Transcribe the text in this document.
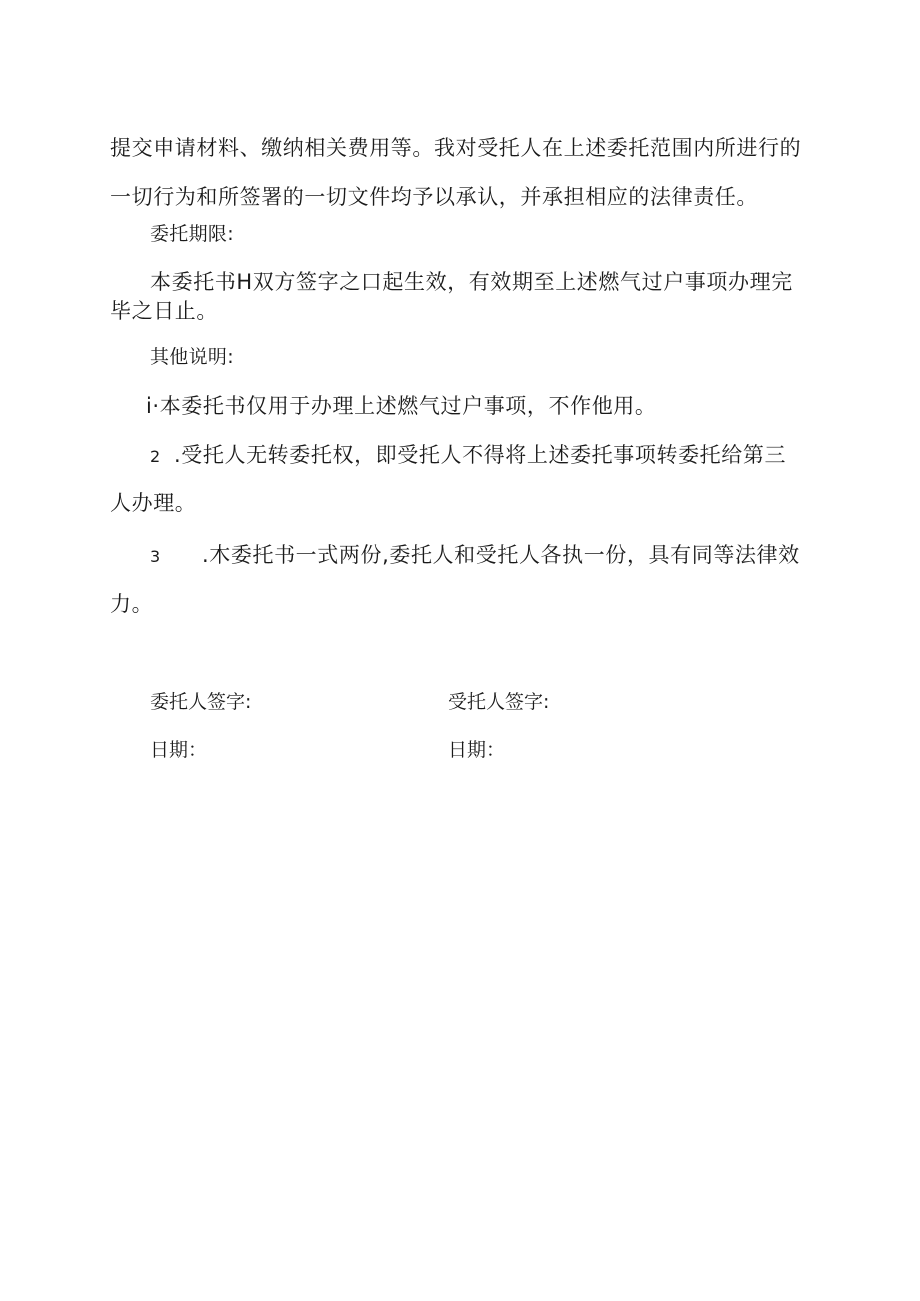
提交申请材料、缴纳相关费用等。我对受托人在上述委托范围内所进行的
一切行为和所签署的一切文件均予以承认，并承担相应的法律责任。
委托期限:
本委托书H双方签字之口起生效，有效期至上述燃气过户事项办理完
毕之日止。
其他说明:
i·本委托书仅用于办理上述燃气过户事项，不作他用。
2 .受托人无转委托权，即受托人不得将上述委托事项转委托给第三
人办理。
3 .木委托书一式两份,委托人和受托人各执一份，具有同等法律效
力。
委托人签字:	受托人签字:
日期：	日期：
